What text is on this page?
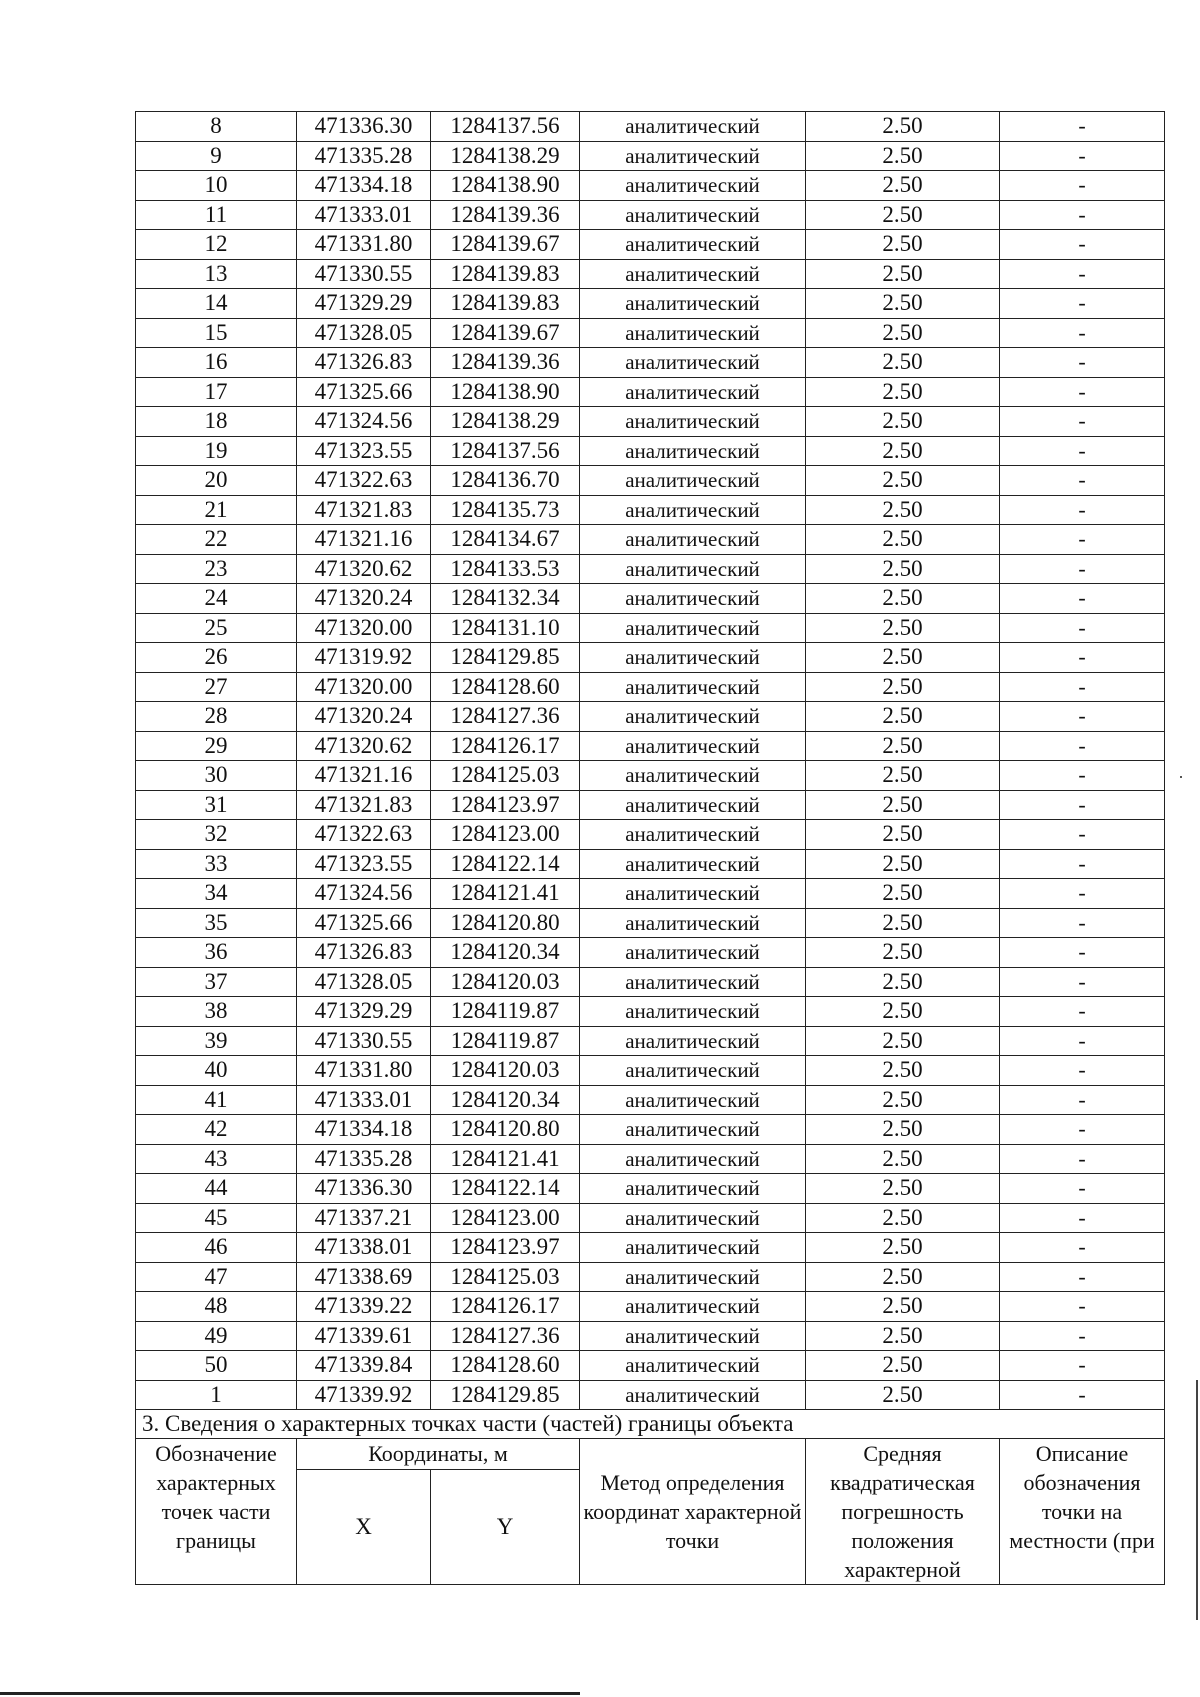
8	471336.30	1284137.56	аналитический	2.50	-
9	471335.28	1284138.29	аналитический	2.50	-
10	471334.18	1284138.90	аналитический	2.50	-
11	471333.01	1284139.36	аналитический	2.50	-
12	471331.80	1284139.67	аналитический	2.50	-
13	471330.55	1284139.83	аналитический	2.50	-
14	471329.29	1284139.83	аналитический	2.50	-
15	471328.05	1284139.67	аналитический	2.50	-
16	471326.83	1284139.36	аналитический	2.50	-
17	471325.66	1284138.90	аналитический	2.50	-
18	471324.56	1284138.29	аналитический	2.50	-
19	471323.55	1284137.56	аналитический	2.50	-
20	471322.63	1284136.70	аналитический	2.50	-
21	471321.83	1284135.73	аналитический	2.50	-
22	471321.16	1284134.67	аналитический	2.50	-
23	471320.62	1284133.53	аналитический	2.50	-
24	471320.24	1284132.34	аналитический	2.50	-
25	471320.00	1284131.10	аналитический	2.50	-
26	471319.92	1284129.85	аналитический	2.50	-
27	471320.00	1284128.60	аналитический	2.50	-
28	471320.24	1284127.36	аналитический	2.50	-
29	471320.62	1284126.17	аналитический	2.50	-
30	471321.16	1284125.03	аналитический	2.50	-
31	471321.83	1284123.97	аналитический	2.50	-
32	471322.63	1284123.00	аналитический	2.50	-
33	471323.55	1284122.14	аналитический	2.50	-
34	471324.56	1284121.41	аналитический	2.50	-
35	471325.66	1284120.80	аналитический	2.50	-
36	471326.83	1284120.34	аналитический	2.50	-
37	471328.05	1284120.03	аналитический	2.50	-
38	471329.29	1284119.87	аналитический	2.50	-
39	471330.55	1284119.87	аналитический	2.50	-
40	471331.80	1284120.03	аналитический	2.50	-
41	471333.01	1284120.34	аналитический	2.50	-
42	471334.18	1284120.80	аналитический	2.50	-
43	471335.28	1284121.41	аналитический	2.50	-
44	471336.30	1284122.14	аналитический	2.50	-
45	471337.21	1284123.00	аналитический	2.50	-
46	471338.01	1284123.97	аналитический	2.50	-
47	471338.69	1284125.03	аналитический	2.50	-
48	471339.22	1284126.17	аналитический	2.50	-
49	471339.61	1284127.36	аналитический	2.50	-
50	471339.84	1284128.60	аналитический	2.50	-
1	471339.92	1284129.85	аналитический	2.50	-
3. Сведения о характерных точках части (частей) границы объекта					
Обозначение характерных точек части границы	Координаты, м		Метод определения координат характерной точки	Средняя квадратическая погрешность положения характерной	Описание обозначения точки на местности (при
	X	Y			
